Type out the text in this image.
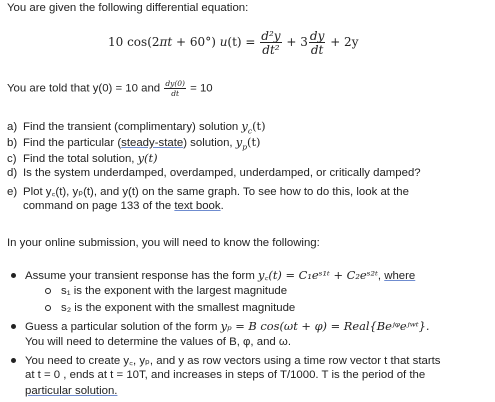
You are given the following differential equation:
10 cos(2πt + 60°) $u(t) = \frac{\text{d²y}}{\text{dt²}} + 3 \frac{dy}{dt} + 2y$
You are told that y(0) = 10 and $\frac{dy(0)}{dt} = 10$
a) Find the transient (complimentary) solution $y_c(t)$
b) Find the particular (steady-state) solution, $y_p(t)$
c) Find the total solution, y(t)
d) Is the system underdamped, overdamped, underdamped, or critically damped?
e) Plot y꜀(t), yₚ(t), and y(t) on the same graph. To see how to do this, look at the
command on page 133 of the text book.
In your online submission, you will need to know the following:
Assume your transient response has the form y꜀(t) = C₁eˢ¹ᵗ + C₂eˢ²ᵗ, where
s₁ is the exponent with the largest magnitude
s₂ is the exponent with the smallest magnitude
Guess a particular solution of the form yₚ = B cos(ωt + φ) = Real{Beʲᵠeʲʷᵗ}.
You will need to determine the values of B, φ, and ω.
You need to create y꜀, yₚ, and y as row vectors using a time row vector t that starts
at t = 0 , ends at t = 10T, and increases in steps of T/1000. T is the period of the
particular solution.
